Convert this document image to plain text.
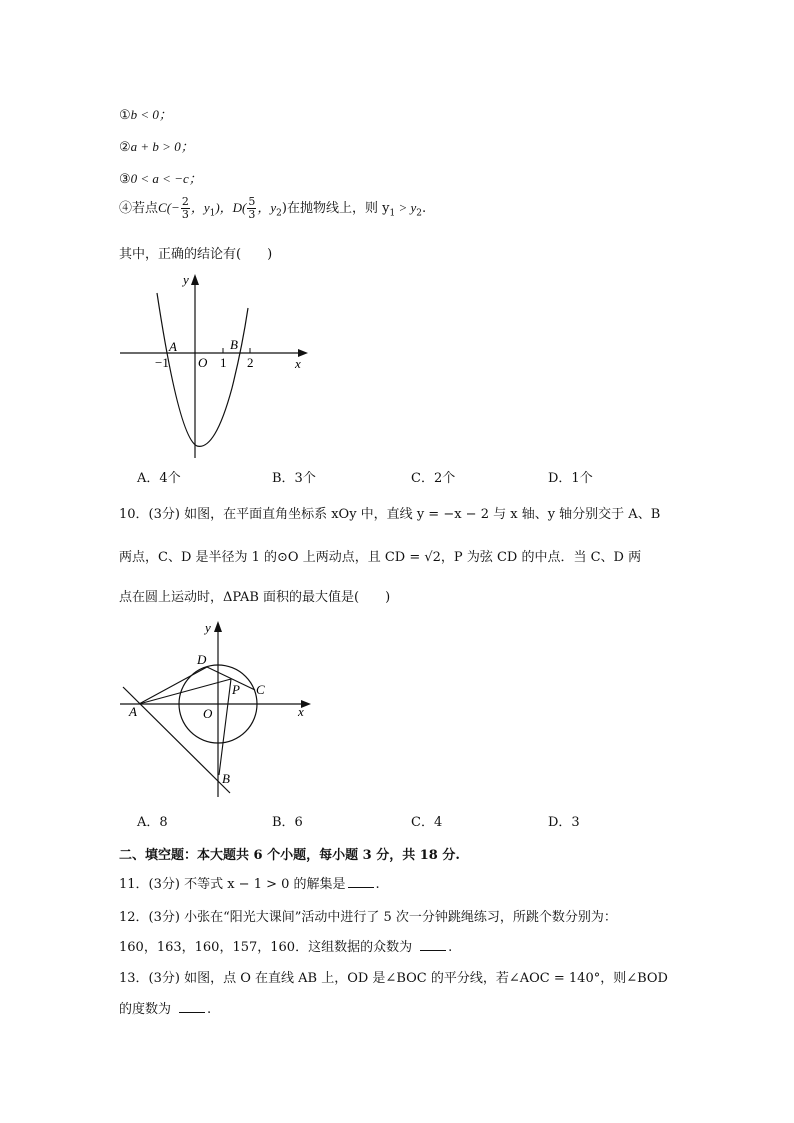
①b < 0；
②a + b > 0；
③0 < a < −c；
④若点$C(- \frac{2}{3}$ ，$y_1$)，$D( \frac{5}{3}$ ，$y_2$)在抛物线上，则 $y_1 > y_2$.
其中，正确的结论有(　　)
y
x
A	B
O
−1	1 2
A．4个	B．3个	C．2个	D．1个
10．(3分) 如图，在平面直角坐标系 xOy 中，直线 y = −x − 2 与 x 轴、y 轴分别交于 A、B
两点，C、D 是半径为 1 的⊙O 上两动点，且 CD = √2，P 为弦 CD 的中点．当 C、D 两
点在圆上运动时，ΔPAB 面积的最大值是(　　)
y
x
A
B
C
D
O
P
A．8	B．6	C．4	D．3
二、填空题：本大题共 6 个小题，每小题 3 分，共 18 分.
11．(3分) 不等式 x − 1 > 0 的解集是 .
12．(3分) 小张在“阳光大课间”活动中进行了 5 次一分钟跳绳练习，所跳个数分别为：
160，163，160，157，160．这组数据的众数为	.
13．(3分) 如图，点 O 在直线 AB 上，OD 是∠BOC 的平分线，若∠AOC = 140°，则∠BOD
的度数为	.
